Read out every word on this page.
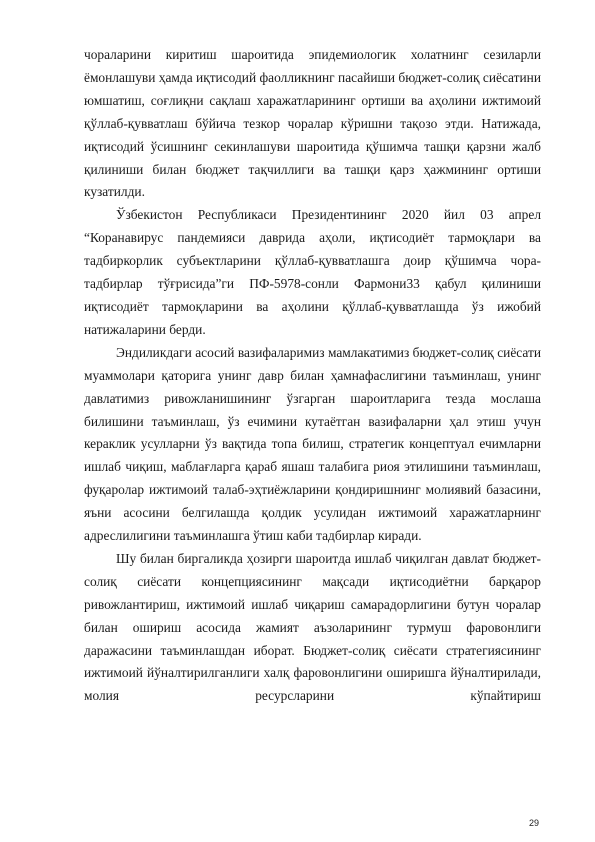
чораларини киритиш шароитида эпидемиологик холатнинг сезиларли ёмонлашуви ҳамда иқтисодий фаолликнинг пасайиши бюджет-солиқ сиёсатини юмшатиш, соғлиқни сақлаш харажатларининг ортиши ва аҳолини ижтимоий қўллаб-қувватлаш бўйича тезкор чоралар кўришни тақозо этди. Натижада, иқтисодий ўсишнинг секинлашуви шароитида қўшимча ташқи қарзни жалб қилиниши билан бюджет тақчиллиги ва ташқи қарз ҳажмининг ортиши кузатилди.

Ўзбекистон Республикаси Президентининг 2020 йил 03 апрел “Коранавирус пандемияси даврида аҳоли, иқтисодиёт тармоқлари ва тадбиркорлик субъектларини қўллаб-қувватлашга доир қўшимча чора-тадбирлар тўғрисида”ги ПФ-5978-сонли Фармони33 қабул қилиниши иқтисодиёт тармоқларини ва аҳолини қўллаб-қувватлашда ўз ижобий натижаларини берди.

Эндиликдаги асосий вазифаларимиз мамлакатимиз бюджет-солиқ сиёсати муаммолари қаторига унинг давр билан ҳамнафаслигини таъминлаш, унинг давлатимиз ривожланишининг ўзгарган шароитларига тезда мослаша билишини таъминлаш, ўз ечимини кутаётган вазифаларни ҳал этиш учун кераклик усулларни ўз вақтида топа билиш, стратегик концептуал ечимларни ишлаб чиқиш, маблағларга қараб яшаш талабига риоя этилишини таъминлаш, фуқаролар ижтимоий талаб-эҳтиёжларини қондиришнинг молиявий базасини, яъни асосини белгилашда қолдик усулидан ижтимоий харажатларнинг адреслилигини таъминлашга ўтиш каби тадбирлар киради.

Шу билан биргаликда ҳозирги шароитда ишлаб чиқилган давлат бюджет-солиқ сиёсати концепциясининг мақсади иқтисодиётни барқарор ривожлантириш, ижтимоий ишлаб чиқариш самарадорлигини бутун чоралар билан ошириш асосида жамият аъзоларининг турмуш фаровонлиги даражасини таъминлашдан иборат. Бюджет-солиқ сиёсати стратегиясининг ижтимоий йўналтирилганлиги халқ фаровонлигини оширишга йўналтирилади, молия ресурсларини кўпайтириш

29
